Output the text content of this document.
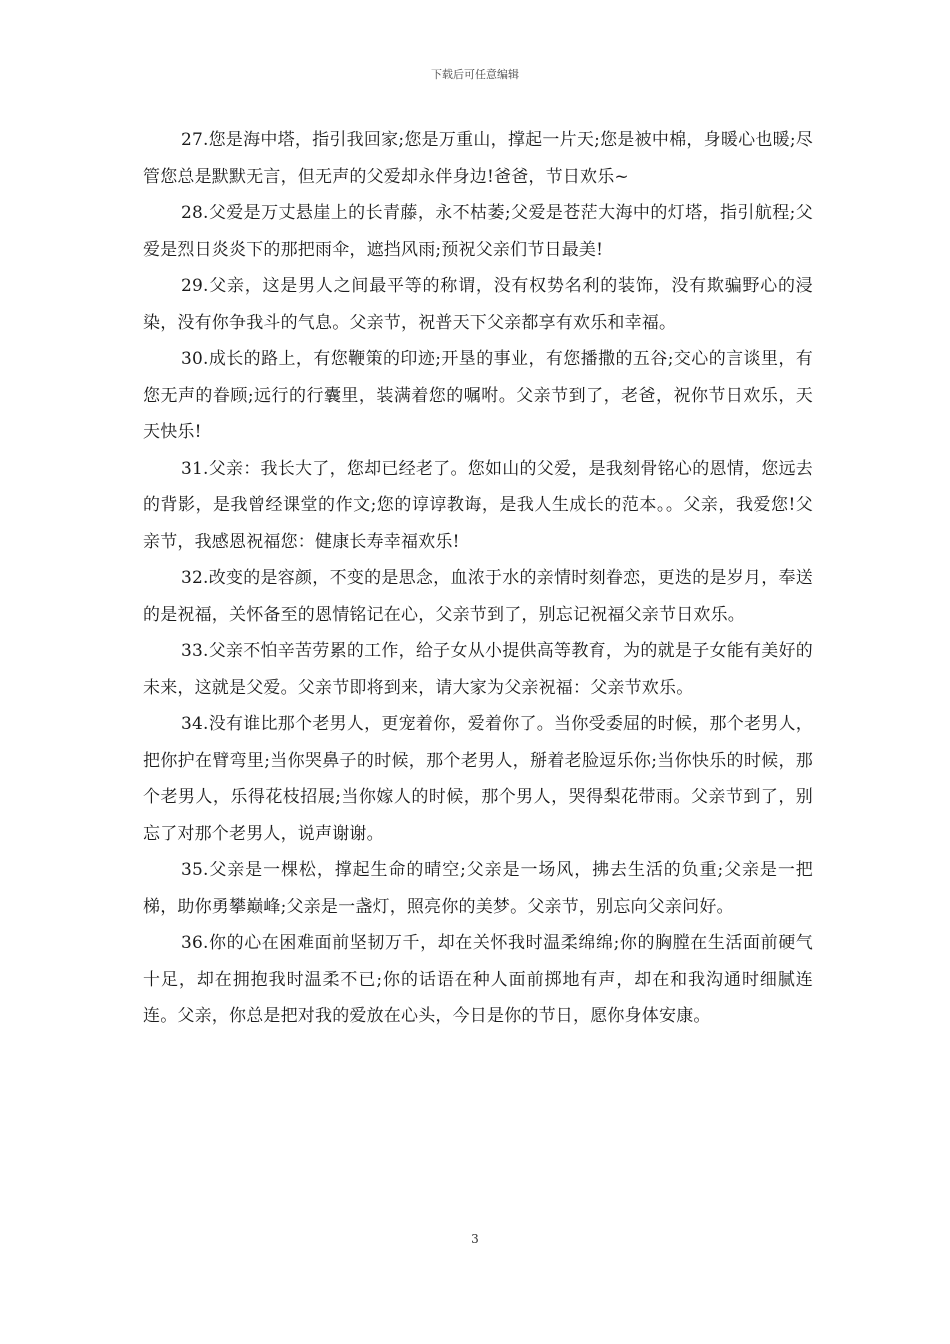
下载后可任意编辑

27.您是海中塔，指引我回家;您是万重山，撑起一片天;您是被中棉，身暖心也暖;尽管您总是默默无言，但无声的父爱却永伴身边!爸爸，节日欢乐~

28.父爱是万丈悬崖上的长青藤，永不枯萎;父爱是苍茫大海中的灯塔，指引航程;父爱是烈日炎炎下的那把雨伞，遮挡风雨;预祝父亲们节日最美!

29.父亲，这是男人之间最平等的称谓，没有权势名利的装饰，没有欺骗野心的浸染，没有你争我斗的气息。父亲节，祝普天下父亲都享有欢乐和幸福。

30.成长的路上，有您鞭策的印迹;开垦的事业，有您播撒的五谷;交心的言谈里，有您无声的眷顾;远行的行囊里，装满着您的嘱咐。父亲节到了，老爸，祝你节日欢乐，天天快乐!

31.父亲：我长大了，您却已经老了。您如山的父爱，是我刻骨铭心的恩情，您远去的背影，是我曾经课堂的作文;您的谆谆教诲，是我人生成长的范本。。父亲，我爱您!父亲节，我感恩祝福您：健康长寿幸福欢乐!

32.改变的是容颜，不变的是思念，血浓于水的亲情时刻眷恋，更迭的是岁月，奉送的是祝福，关怀备至的恩情铭记在心，父亲节到了，别忘记祝福父亲节日欢乐。

33.父亲不怕辛苦劳累的工作，给子女从小提供高等教育，为的就是子女能有美好的未来，这就是父爱。父亲节即将到来，请大家为父亲祝福：父亲节欢乐。

34.没有谁比那个老男人，更宠着你，爱着你了。当你受委屈的时候，那个老男人，把你护在臂弯里;当你哭鼻子的时候，那个老男人，掰着老脸逗乐你;当你快乐的时候，那个老男人，乐得花枝招展;当你嫁人的时候，那个男人，哭得梨花带雨。父亲节到了，别忘了对那个老男人，说声谢谢。

35.父亲是一棵松，撑起生命的晴空;父亲是一场风，拂去生活的负重;父亲是一把梯，助你勇攀巅峰;父亲是一盏灯，照亮你的美梦。父亲节，别忘向父亲问好。

36.你的心在困难面前坚韧万千，却在关怀我时温柔绵绵;你的胸膛在生活面前硬气十足，却在拥抱我时温柔不已;你的话语在种人面前掷地有声，却在和我沟通时细腻连连。父亲，你总是把对我的爱放在心头，今日是你的节日，愿你身体安康。

3
